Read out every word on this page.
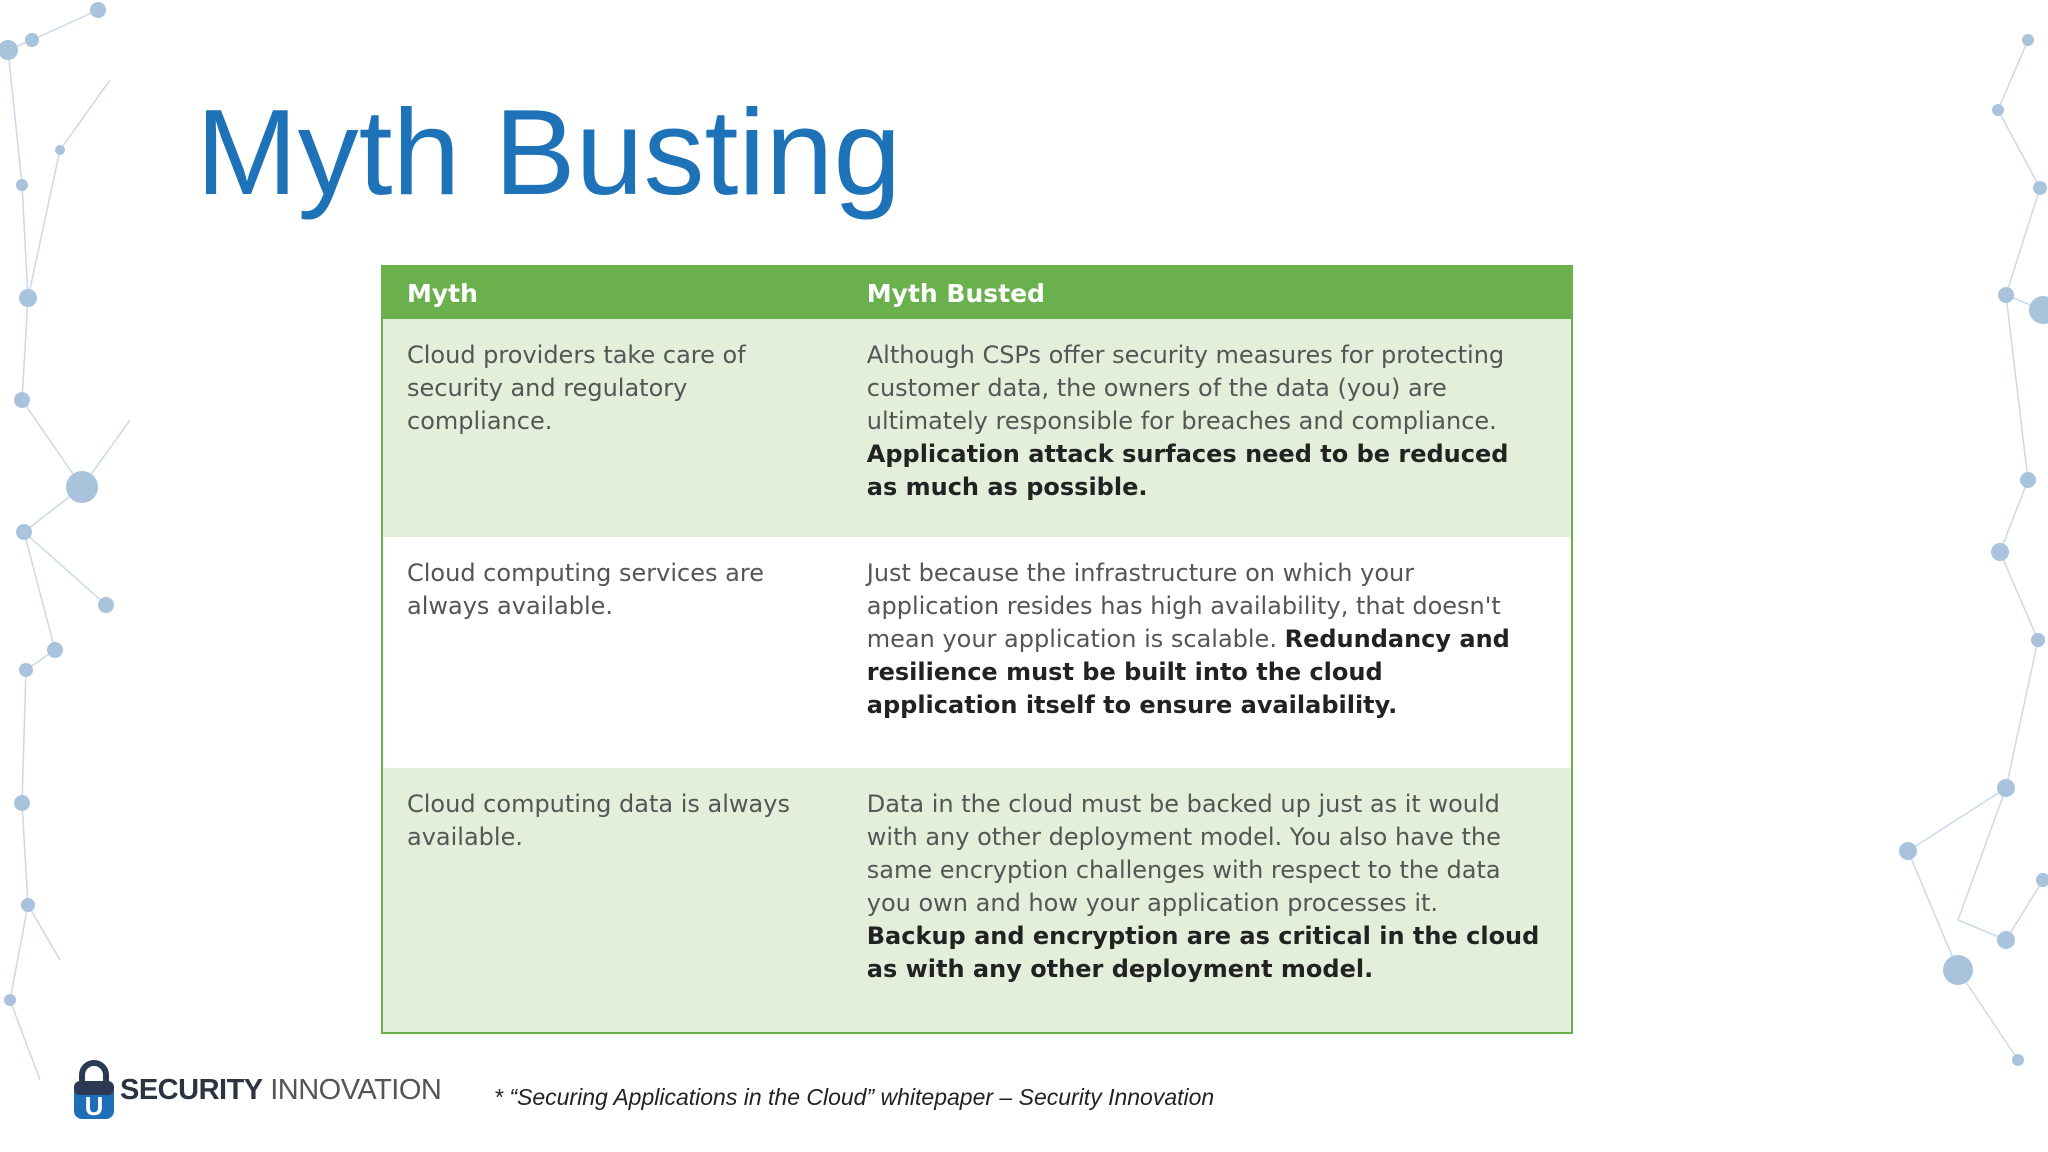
Myth Busting
Myth	Myth Busted
Cloud providers take care of security and regulatory compliance.	Although CSPs offer security measures for protecting customer data, the owners of the data (you) are ultimately responsible for breaches and compliance. Application attack surfaces need to be reduced as much as possible.
Cloud computing services are always available.	Just because the infrastructure on which your application resides has high availability, that doesn't mean your application is scalable. Redundancy and resilience must be built into the cloud application itself to ensure availability.
Cloud computing data is always available.	Data in the cloud must be backed up just as it would with any other deployment model. You also have the same encryption challenges with respect to the data you own and how your application processes it. Backup and encryption are as critical in the cloud as with any other deployment model.
U
SECURITY INNOVATION * “Securing Applications in the Cloud” whitepaper – Security Innovation
